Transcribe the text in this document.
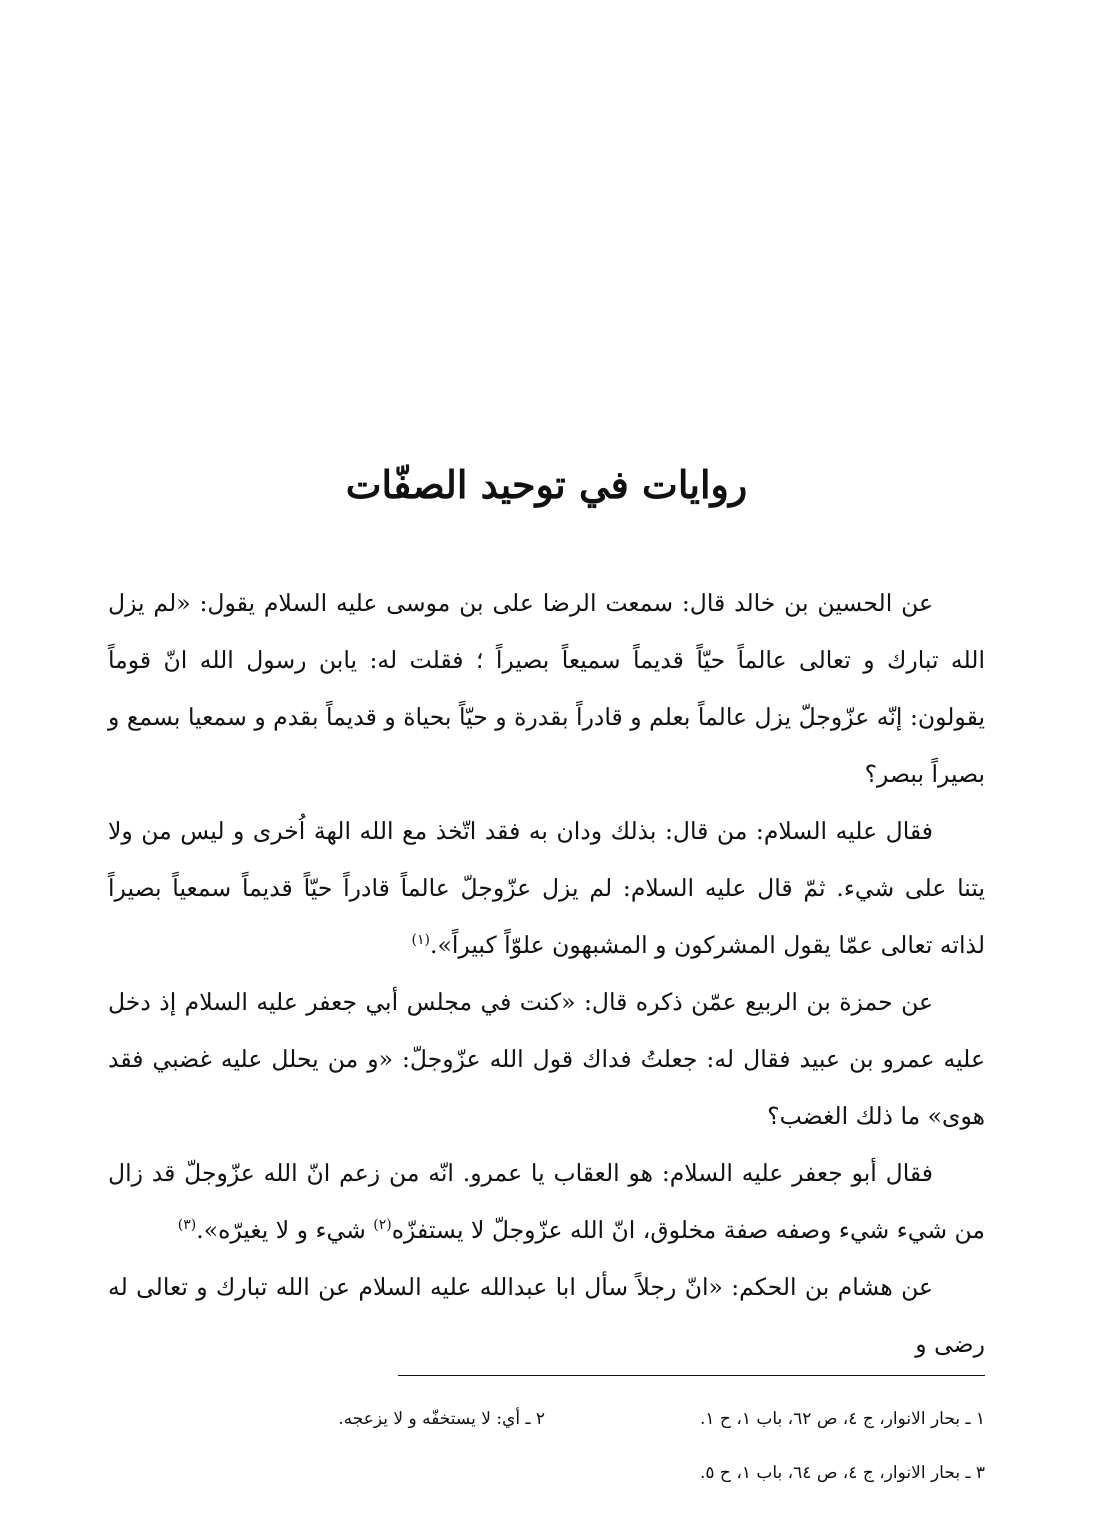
روايات في توحيد الصفّات

عن الحسين بن خالد قال: سمعت الرضا على بن موسى عليه السلام يقول: «لم يزل الله تبارك و تعالى عالماً حيّاً قديماً سميعاً بصيراً ؛ فقلت له: يابن رسول الله انّ قوماً يقولون: إنّه عزّوجلّ يزل عالماً بعلم و قادراً بقدرة و حيّاً بحياة و قديماً بقدم و سمعيا بسمع و بصيراً ببصر؟

فقال عليه السلام: من قال: بذلك ودان به فقد اتّخذ مع الله الهة اُخرى و ليس من ولا يتنا على شيء. ثمّ قال عليه السلام: لم يزل عزّوجلّ عالماً قادراً حيّاً قديماً سمعياً بصيراً لذاته تعالى عمّا يقول المشركون و المشبهون علوّاً كبيراً».$^{(١)}$

عن حمزة بن الربيع عمّن ذكره قال: «كنت في مجلس أبي جعفر عليه السلام إذ دخل عليه عمرو بن عبيد فقال له: جعلتُ فداك قول الله عزّوجلّ: «و من يحلل عليه غضبي فقد هوى» ما ذلك الغضب؟

فقال أبو جعفر عليه السلام: هو العقاب يا عمرو. انّه من زعم انّ الله عزّوجلّ قد زال من شيء شيء وصفه صفة مخلوق، انّ الله عزّوجلّ لا يستفزّه$^{(٢)}$ شيء و لا يغيرّه».$^{(٣)}$

عن هشام بن الحكم: «انّ رجلاً سأل ابا عبدالله عليه السلام عن الله تبارك و تعالى له رضى و

١ ـ بحار الانوار، ج ٤، ص ٦٢، باب ١، ح ١.
٢ ـ أي: لا يستخفّه و لا يزعجه.
٣ ـ بحار الانوار، ج ٤، ص ٦٤، باب ١، ح ٥.
